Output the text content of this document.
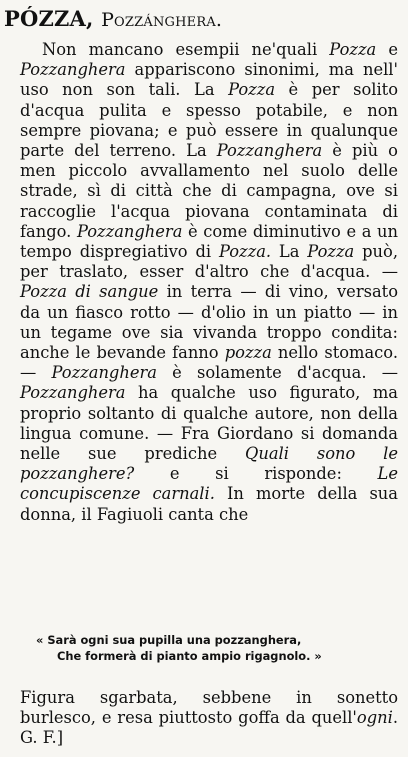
PÓZZA, Pozzánghera.

Non mancano esempii ne'quali Pozza e Pozzanghera appariscono sinonimi, ma nell' uso non son tali. La Pozza è per solito d'acqua pulita e spesso potabile, e non sempre piovana; e può essere in qualunque parte del terreno. La Pozzanghera è più o men piccolo avvallamento nel suolo delle strade, sì di città che di campagna, ove si raccoglie l'acqua piovana contaminata di fango. Pozzanghera è come diminutivo e a un tempo dispregiativo di Pozza. La Pozza può, per traslato, esser d'altro che d'acqua. — Pozza di sangue in terra — di vino, versato da un fiasco rotto — d'olio in un piatto — in un tegame ove sia vivanda troppo condita: anche le bevande fanno pozza nello stomaco.— Pozzanghera è solamente d'acqua. — Pozzanghera ha qualche uso figurato, ma proprio soltanto di qualche autore, non della lingua comune. — Fra Giordano si domanda nelle sue prediche Quali sono le pozzanghere? e si risponde: Le concupiscenze carnali. In morte della sua donna, il Fagiuoli canta che

« Sarà ogni sua pupilla una pozzanghera,
Che formerà di pianto ampio rigagnolo. »

Figura sgarbata, sebbene in sonetto burlesco, e resa piuttosto goffa da quell'ogni. G. F.]
